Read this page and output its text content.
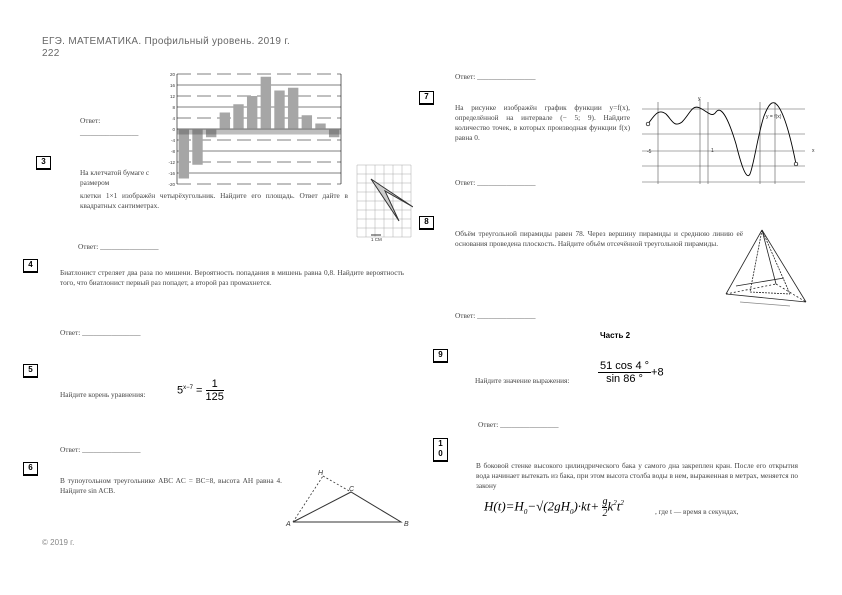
ЕГЭ. МАТЕМАТИКА. Профильный уровень. 2019 г.
222
Ответ:
________________
20
16
12
8
4
0
-4
-8
-12
-16
-20
3
На клетчатой бумаге с размером
клетки 1×1 изображён четырёхугольник. Найдите его площадь. Ответ дайте в квадратных сантиметрах.
1 СМ
Ответ: ________________
4
Биатлонист стреляет два раза по мишени. Вероятность попадания в мишень равна 0,8. Найдите вероятность того, что биатлонист первый раз попадет, а второй раз промахнется.
Ответ: ________________
5
Найдите корень уравнения:	$5^{x-7} = \frac{1}{125}$
Ответ: ________________
6
В тупоугольном треугольнике ABC AC = BC=8, высота AH равна 4. Найдите sin ACB.
H
C
A	B
© 2019 г.
Ответ: ________________
7
На рисунке изображён график функции y=f(x), определённой на интервале (− 5; 9). Найдите количество точек, в которых производная функции f(x) равна 0.
y
y = f(x)
x
1
-5
Ответ: ________________
8
Объём треугольной пирамиды равен 78. Через вершину пирамиды и среднюю линию её основания проведена плоскость. Найдите объём отсечённой треугольной пирамиды.
Ответ: ________________
Часть 2
9
Найдите значение выражения:	$\frac{51 \cos 4 ^\circ}{\sin 86 ^\circ} +8$
Ответ: ________________
1
0
В боковой стенке высокого цилиндрического бака у самого дна закреплен кран. После его открытия вода начинает вытекать из бака, при этом высота столба воды в нем, выраженная в метрах, меняется по закону
$H(t)=H_0-√(2gH_0)\cdot kt+ \frac{g}{2} k^2t^2$
, где t — время в секундах,
